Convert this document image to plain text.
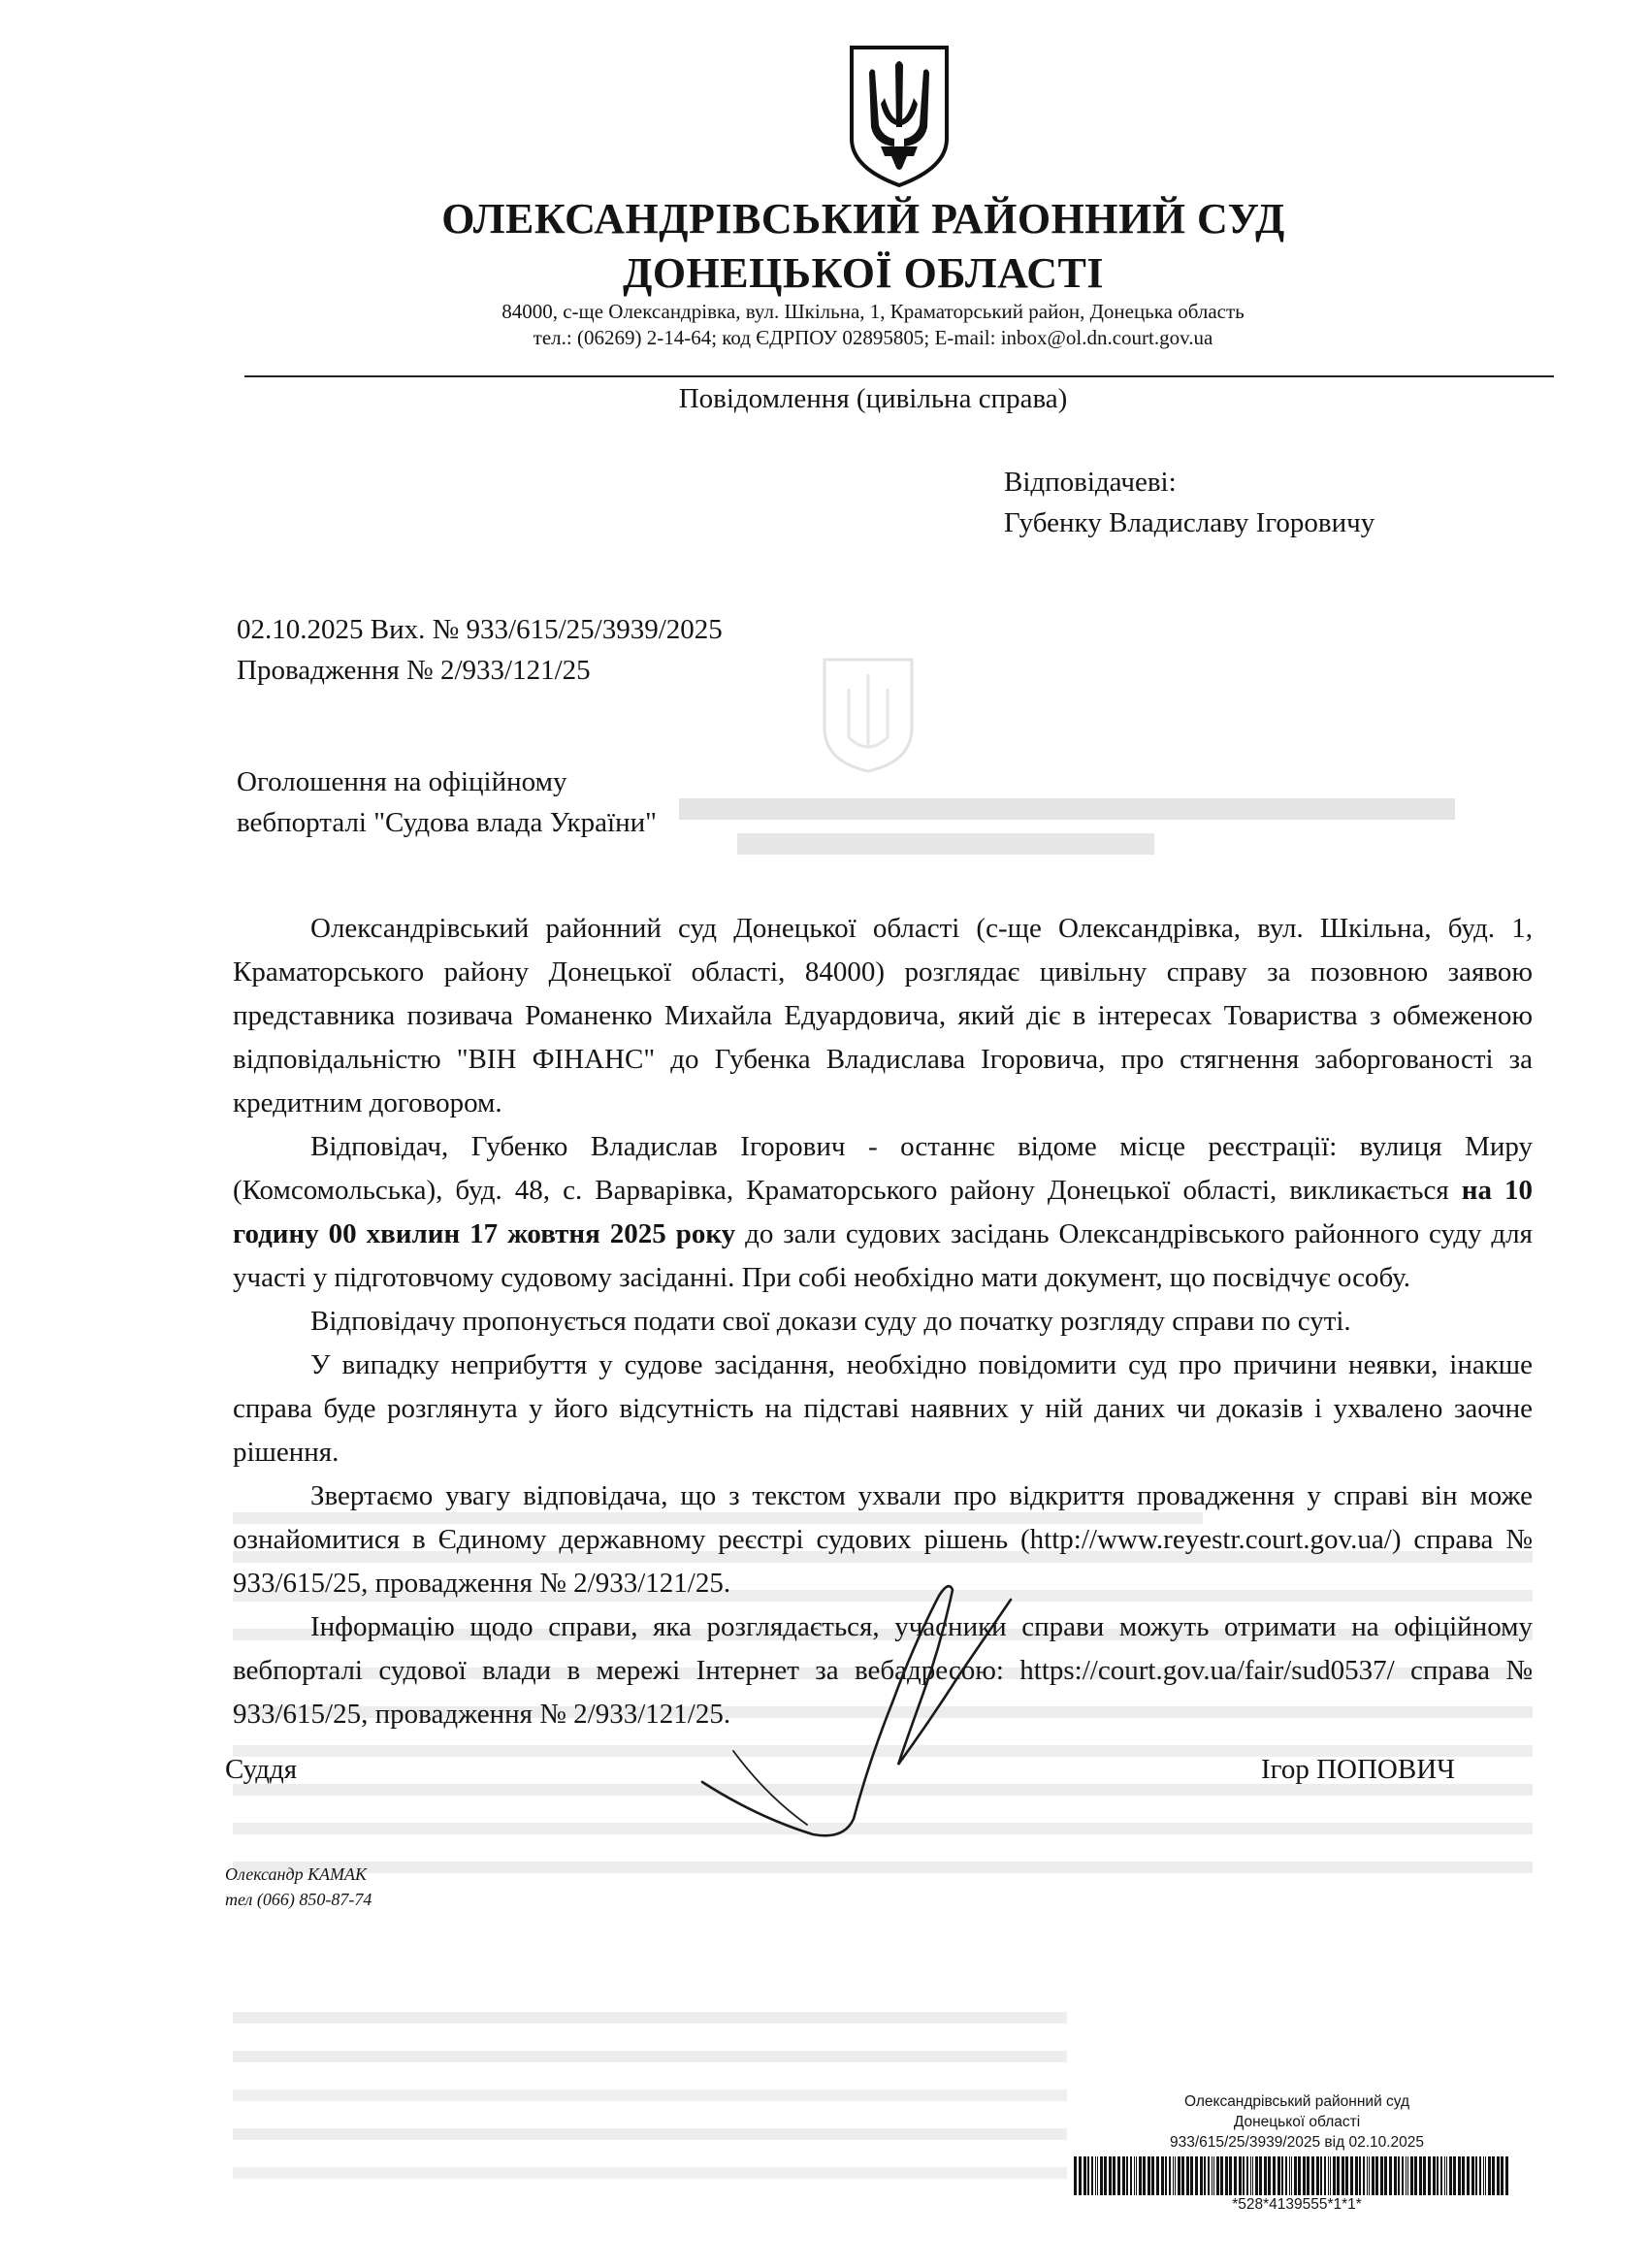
ОЛЕКСАНДРІВСЬКИЙ РАЙОННИЙ СУД
ДОНЕЦЬКОЇ ОБЛАСТІ
84000, с-ще Олександрівка, вул. Шкільна, 1, Краматорський район, Донецька область
тел.: (06269) 2-14-64; код ЄДРПОУ 02895805; E-mail: inbox@ol.dn.court.gov.ua
Повідомлення (цивільна справа)
Відповідачеві:
Губенку Владиславу Ігоровичу
02.10.2025 Вих. № 933/615/25/3939/2025
Провадження № 2/933/121/25
Оголошення на офіційному
вебпорталі "Судова влада України"
Олександрівський районний суд Донецької області (с-ще Олександрівка, вул. Шкільна, буд. 1, Краматорського району Донецької області, 84000) розглядає цивільну справу за позовною заявою представника позивача Романенко Михайла Едуардовича, який діє в інтересах Товариства з обмеженою відповідальністю "ВІН ФІНАНС" до Губенка Владислава Ігоровича, про стягнення заборгованості за кредитним договором.
Відповідач, Губенко Владислав Ігорович - останнє відоме місце реєстрації: вулиця Миру (Комсомольська), буд. 48, с. Варварівка, Краматорського району Донецької області, викликається на 10 годину 00 хвилин 17 жовтня 2025 року до зали судових засідань Олександрівського районного суду для участі у підготовчому судовому засіданні. При собі необхідно мати документ, що посвідчує особу.
Відповідачу пропонується подати свої докази суду до початку розгляду справи по суті.
У випадку неприбуття у судове засідання, необхідно повідомити суд про причини неявки, інакше справа буде розглянута у його відсутність на підставі наявних у ній даних чи доказів і ухвалено заочне рішення.
Звертаємо увагу відповідача, що з текстом ухвали про відкриття провадження у справі він може ознайомитися в Єдиному державному реєстрі судових рішень (http://www.reyestr.court.gov.ua/) справа № 933/615/25, провадження № 2/933/121/25.
Інформацію щодо справи, яка розглядається, учасники справи можуть отримати на офіційному вебпорталі судової влади в мережі Інтернет за вебадресою: https://court.gov.ua/fair/sud0537/ справа № 933/615/25, провадження № 2/933/121/25.
Суддя	Ігор ПОПОВИЧ
Олександр КАМАК
тел (066) 850-87-74
Олександрівський районний суд
Донецької області
933/615/25/3939/2025 від 02.10.2025
*528*4139555*1*1*
